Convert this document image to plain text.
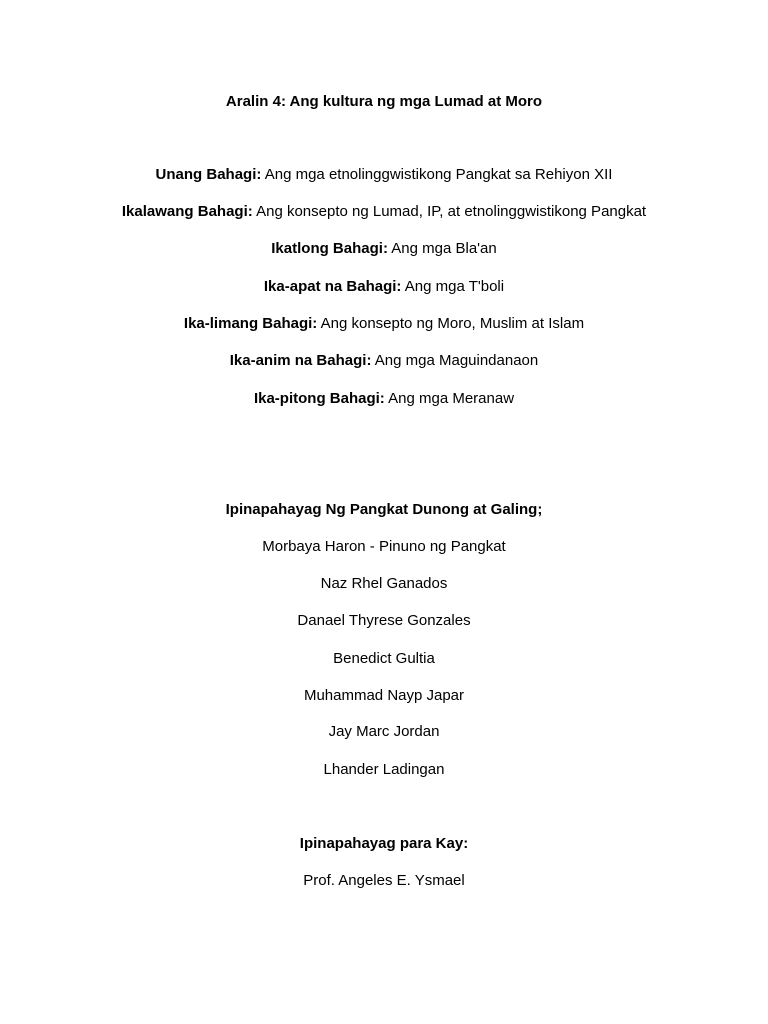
Aralin 4: Ang kultura ng mga Lumad at Moro
Unang Bahagi: Ang mga etnolinggwistikong Pangkat sa Rehiyon XII
Ikalawang Bahagi: Ang konsepto ng Lumad, IP, at etnolinggwistikong Pangkat
Ikatlong Bahagi: Ang mga Bla'an
Ika-apat na Bahagi: Ang mga T'boli
Ika-limang Bahagi: Ang konsepto ng Moro, Muslim at Islam
Ika-anim na Bahagi: Ang mga Maguindanaon
Ika-pitong Bahagi: Ang mga Meranaw
Ipinapahayag Ng Pangkat Dunong at Galing;
Morbaya Haron - Pinuno ng Pangkat
Naz Rhel Ganados
Danael Thyrese Gonzales
Benedict Gultia
Muhammad Nayp Japar
Jay Marc Jordan
Lhander Ladingan
Ipinapahayag para Kay:
Prof. Angeles E. Ysmael
